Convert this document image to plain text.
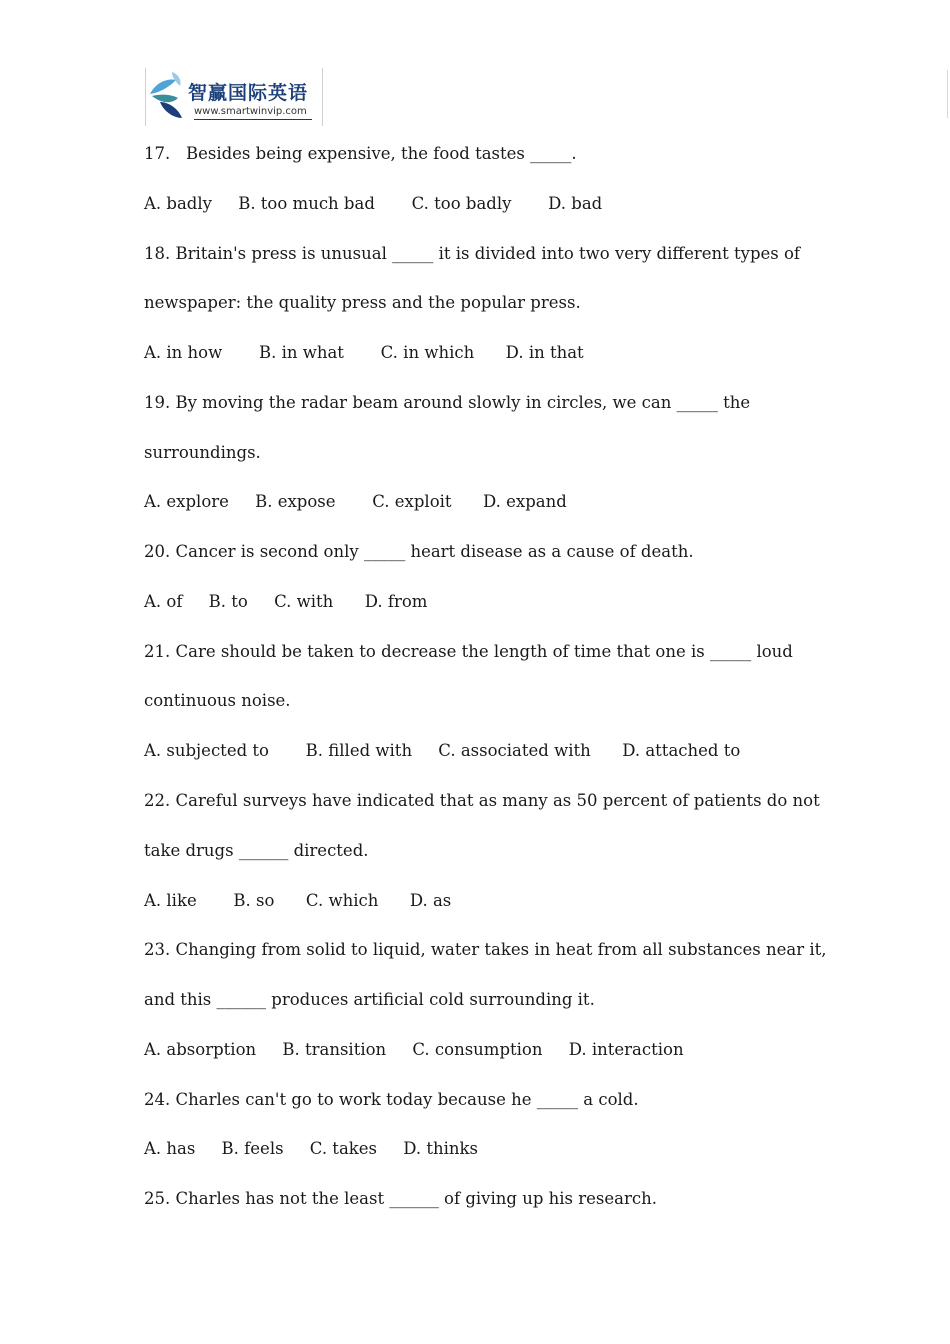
智赢国际英语
www.smartwinvip.com
17.   Besides being expensive, the food tastes _____.
A. badly     B. too much bad       C. too badly       D. bad
18. Britain's press is unusual _____ it is divided into two very different types of
newspaper: the quality press and the popular press.
A. in how       B. in what       C. in which      D. in that
19. By moving the radar beam around slowly in circles, we can _____ the
surroundings.
A. explore     B. expose       C. exploit      D. expand
20. Cancer is second only _____ heart disease as a cause of death.
A. of     B. to     C. with      D. from
21. Care should be taken to decrease the length of time that one is _____ loud
continuous noise.
A. subjected to       B. filled with     C. associated with      D. attached to
22. Careful surveys have indicated that as many as 50 percent of patients do not
take drugs ______ directed.
A. like       B. so      C. which      D. as
23. Changing from solid to liquid, water takes in heat from all substances near it,
and this ______ produces artificial cold surrounding it.
A. absorption     B. transition     C. consumption     D. interaction
24. Charles can't go to work today because he _____ a cold.
A. has     B. feels     C. takes     D. thinks
25. Charles has not the least ______ of giving up his research.
